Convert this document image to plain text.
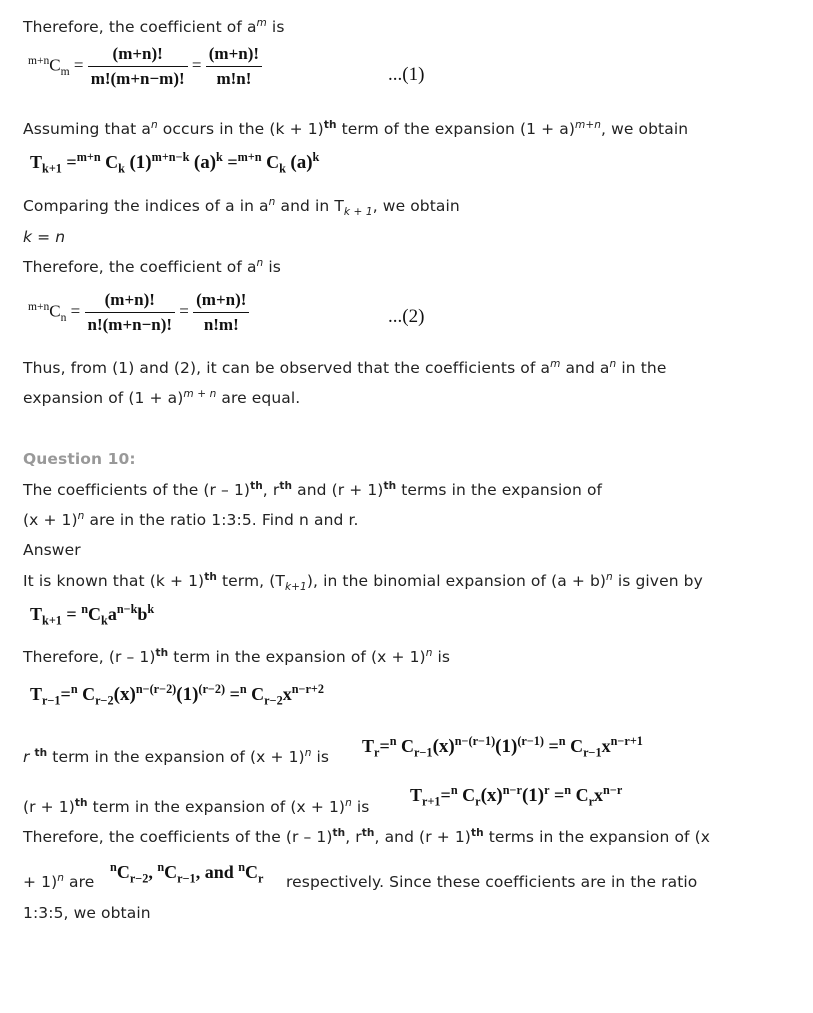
Therefore, the coefficient of $a^m$ is
$^{m+n}C_m = \frac{(m+n)!}{m!(m+n-m)!} = \frac{(m+n)!}{m!n!}$	...(1)
Assuming that $a^n$ occurs in the $(k + 1)^{th}$ term of the expansion $(1 + a)^{m+n}$, we obtain
$T_{k+1} =^{m+n}$ $C_k$ $(1)^{m+n-k}$ $(a)^k =^{m+n}$ $C_k$ $(a)^k$
Comparing the indices of a in $a^n$ and in $T_{k + 1}$, we obtain
k = n
Therefore, the coefficient of $a^n$ is
$^{m+n}C_n = \frac{(m+n)!}{n!(m+n-n)!} = \frac{(m+n)!}{n!m!}$	...(2)
Thus, from (1) and (2), it can be observed that the coefficients of $a^m$ and $a^n$ in the
expansion of $(1 + a)^{m + n}$ are equal.
Question 10:
The coefficients of the (r – 1)$^{th}$, $r^{th}$ and $(r + 1)^{th}$ terms in the expansion of
$(x + 1)^n$ are in the ratio 1:3:5. Find n and r.
Answer
It is known that $(k + 1)^{th}$ term, $(T_{k+1})$, in the binomial expansion of $(a + b)^n$ is given by
$T_{k+1} = ^nC_ka^{n-k}b^k$
Therefore, (r – 1)$^{th}$ term in the expansion of $(x + 1)^n$ is
$T_{r-1}=^n$ $C_{r-2}(x)^{n-(r-2)}(1)^{(r-2)} =^n$ $C_{r-2}x^{n-r+2}$
r $^{th}$ term in the expansion of $(x + 1)^n$ is
$T_r=^n$ $C_{r-1}(x)^{n-(r-1)}(1)^{(r-1)} =^n$ $C_{r-1}x^{n-r+1}$
$(r + 1)^{th}$ term in the expansion of $(x + 1)^n$ is
$T_{r+1}=^n$ $C_r(x)^{n-r}(1)^r =^n$ $C_rx^{n-r}$
Therefore, the coefficients of the (r – 1)$^{th}$, $r^{th}$, and $(r + 1)^{th}$ terms in the expansion of (x
+ 1)$^n$ are
$^nC_{r-2}$, $^nC_{r-1}$, and $^nC_r$ respectively. Since these coefficients are in the ratio
1:3:5, we obtain
